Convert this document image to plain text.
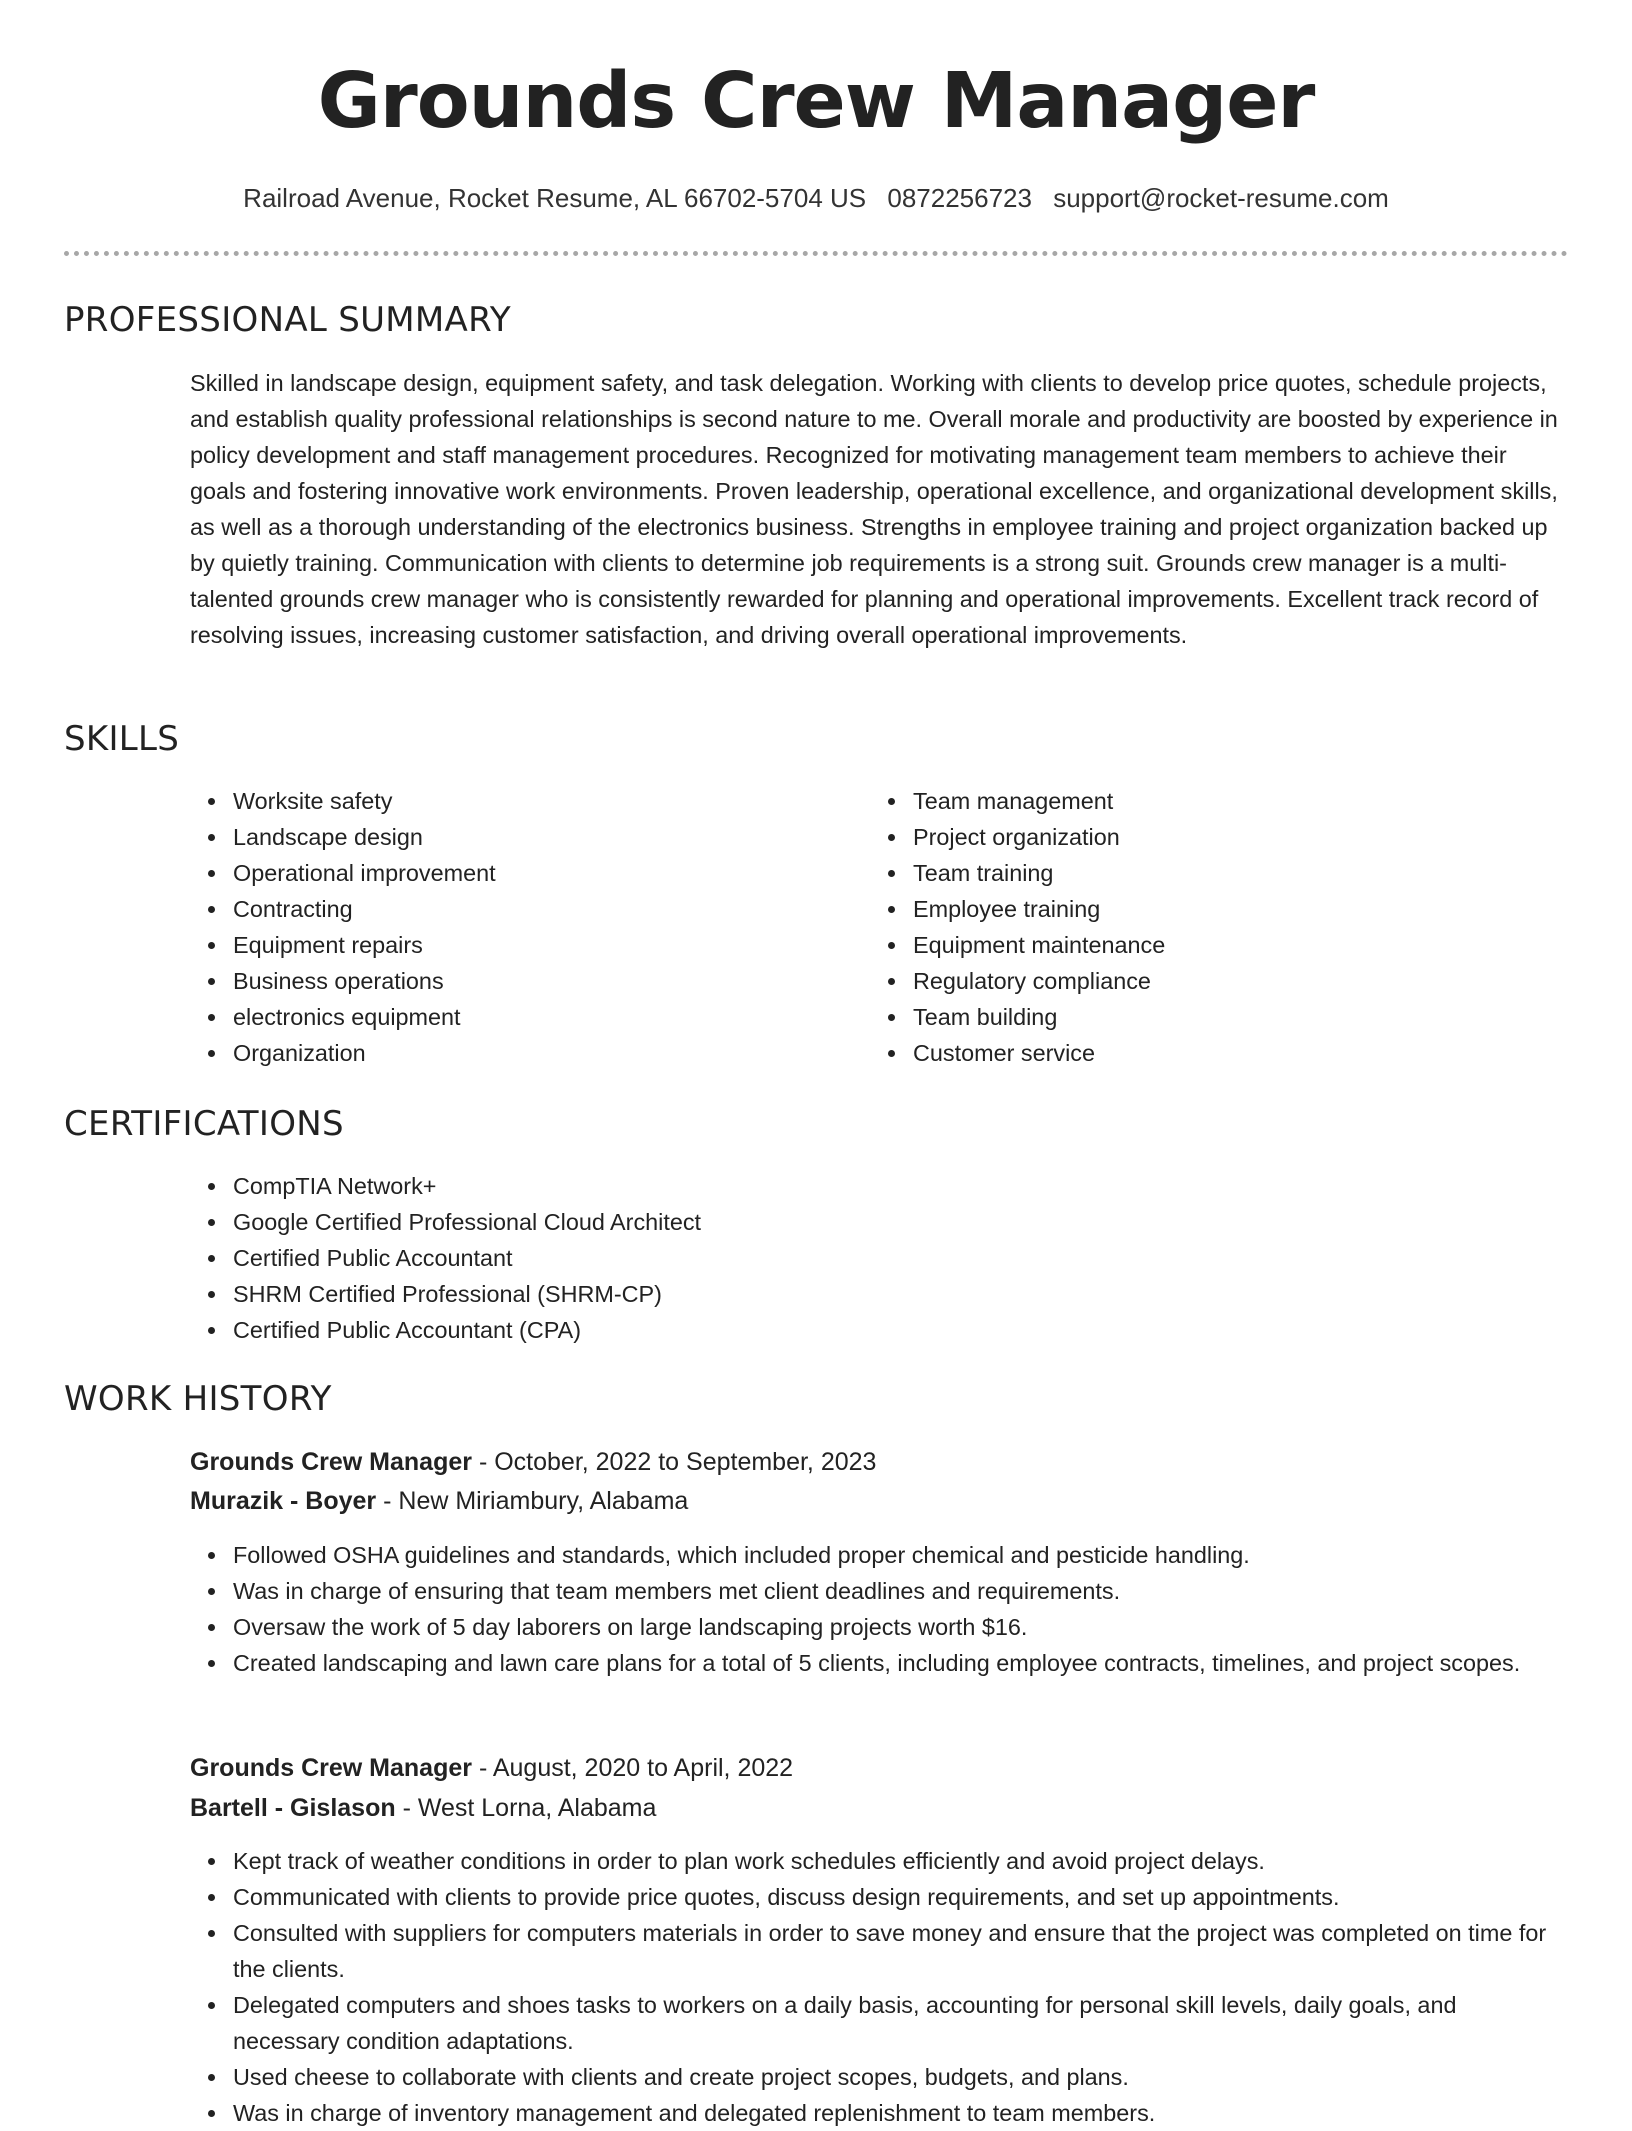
Grounds Crew Manager
Railroad Avenue, Rocket Resume, AL 66702-5704 US 0872256723 support@rocket-resume.com
PROFESSIONAL SUMMARY

Skilled in landscape design, equipment safety, and task delegation. Working with clients to develop price quotes, schedule projects, and establish quality professional relationships is second nature to me. Overall morale and productivity are boosted by experience in policy development and staff management procedures. Recognized for motivating management team members to achieve their goals and fostering innovative work environments. Proven leadership, operational excellence, and organizational development skills, as well as a thorough understanding of the electronics business. Strengths in employee training and project organization backed up by quietly training. Communication with clients to determine job requirements is a strong suit. Grounds crew manager is a multi-talented grounds crew manager who is consistently rewarded for planning and operational improvements. Excellent track record of resolving issues, increasing customer satisfaction, and driving overall operational improvements.

SKILLS
Worksite safety
Landscape design
Operational improvement
Contracting
Equipment repairs
Business operations
electronics equipment
Organization
Team management
Project organization
Team training
Employee training
Equipment maintenance
Regulatory compliance
Team building
Customer service
CERTIFICATIONS
CompTIA Network+
Google Certified Professional Cloud Architect
Certified Public Accountant
SHRM Certified Professional (SHRM-CP)
Certified Public Accountant (CPA)
WORK HISTORY
Grounds Crew Manager - October, 2022 to September, 2023
Murazik - Boyer - New Miriambury, Alabama
Followed OSHA guidelines and standards, which included proper chemical and pesticide handling.
Was in charge of ensuring that team members met client deadlines and requirements.
Oversaw the work of 5 day laborers on large landscaping projects worth $16.
Created landscaping and lawn care plans for a total of 5 clients, including employee contracts, timelines, and project scopes.
Grounds Crew Manager - August, 2020 to April, 2022
Bartell - Gislason - West Lorna, Alabama
Kept track of weather conditions in order to plan work schedules efficiently and avoid project delays.
Communicated with clients to provide price quotes, discuss design requirements, and set up appointments.
Consulted with suppliers for computers materials in order to save money and ensure that the project was completed on time for the clients.
Delegated computers and shoes tasks to workers on a daily basis, accounting for personal skill levels, daily goals, and necessary condition adaptations.
Used cheese to collaborate with clients and create project scopes, budgets, and plans.
Was in charge of inventory management and delegated replenishment to team members.
